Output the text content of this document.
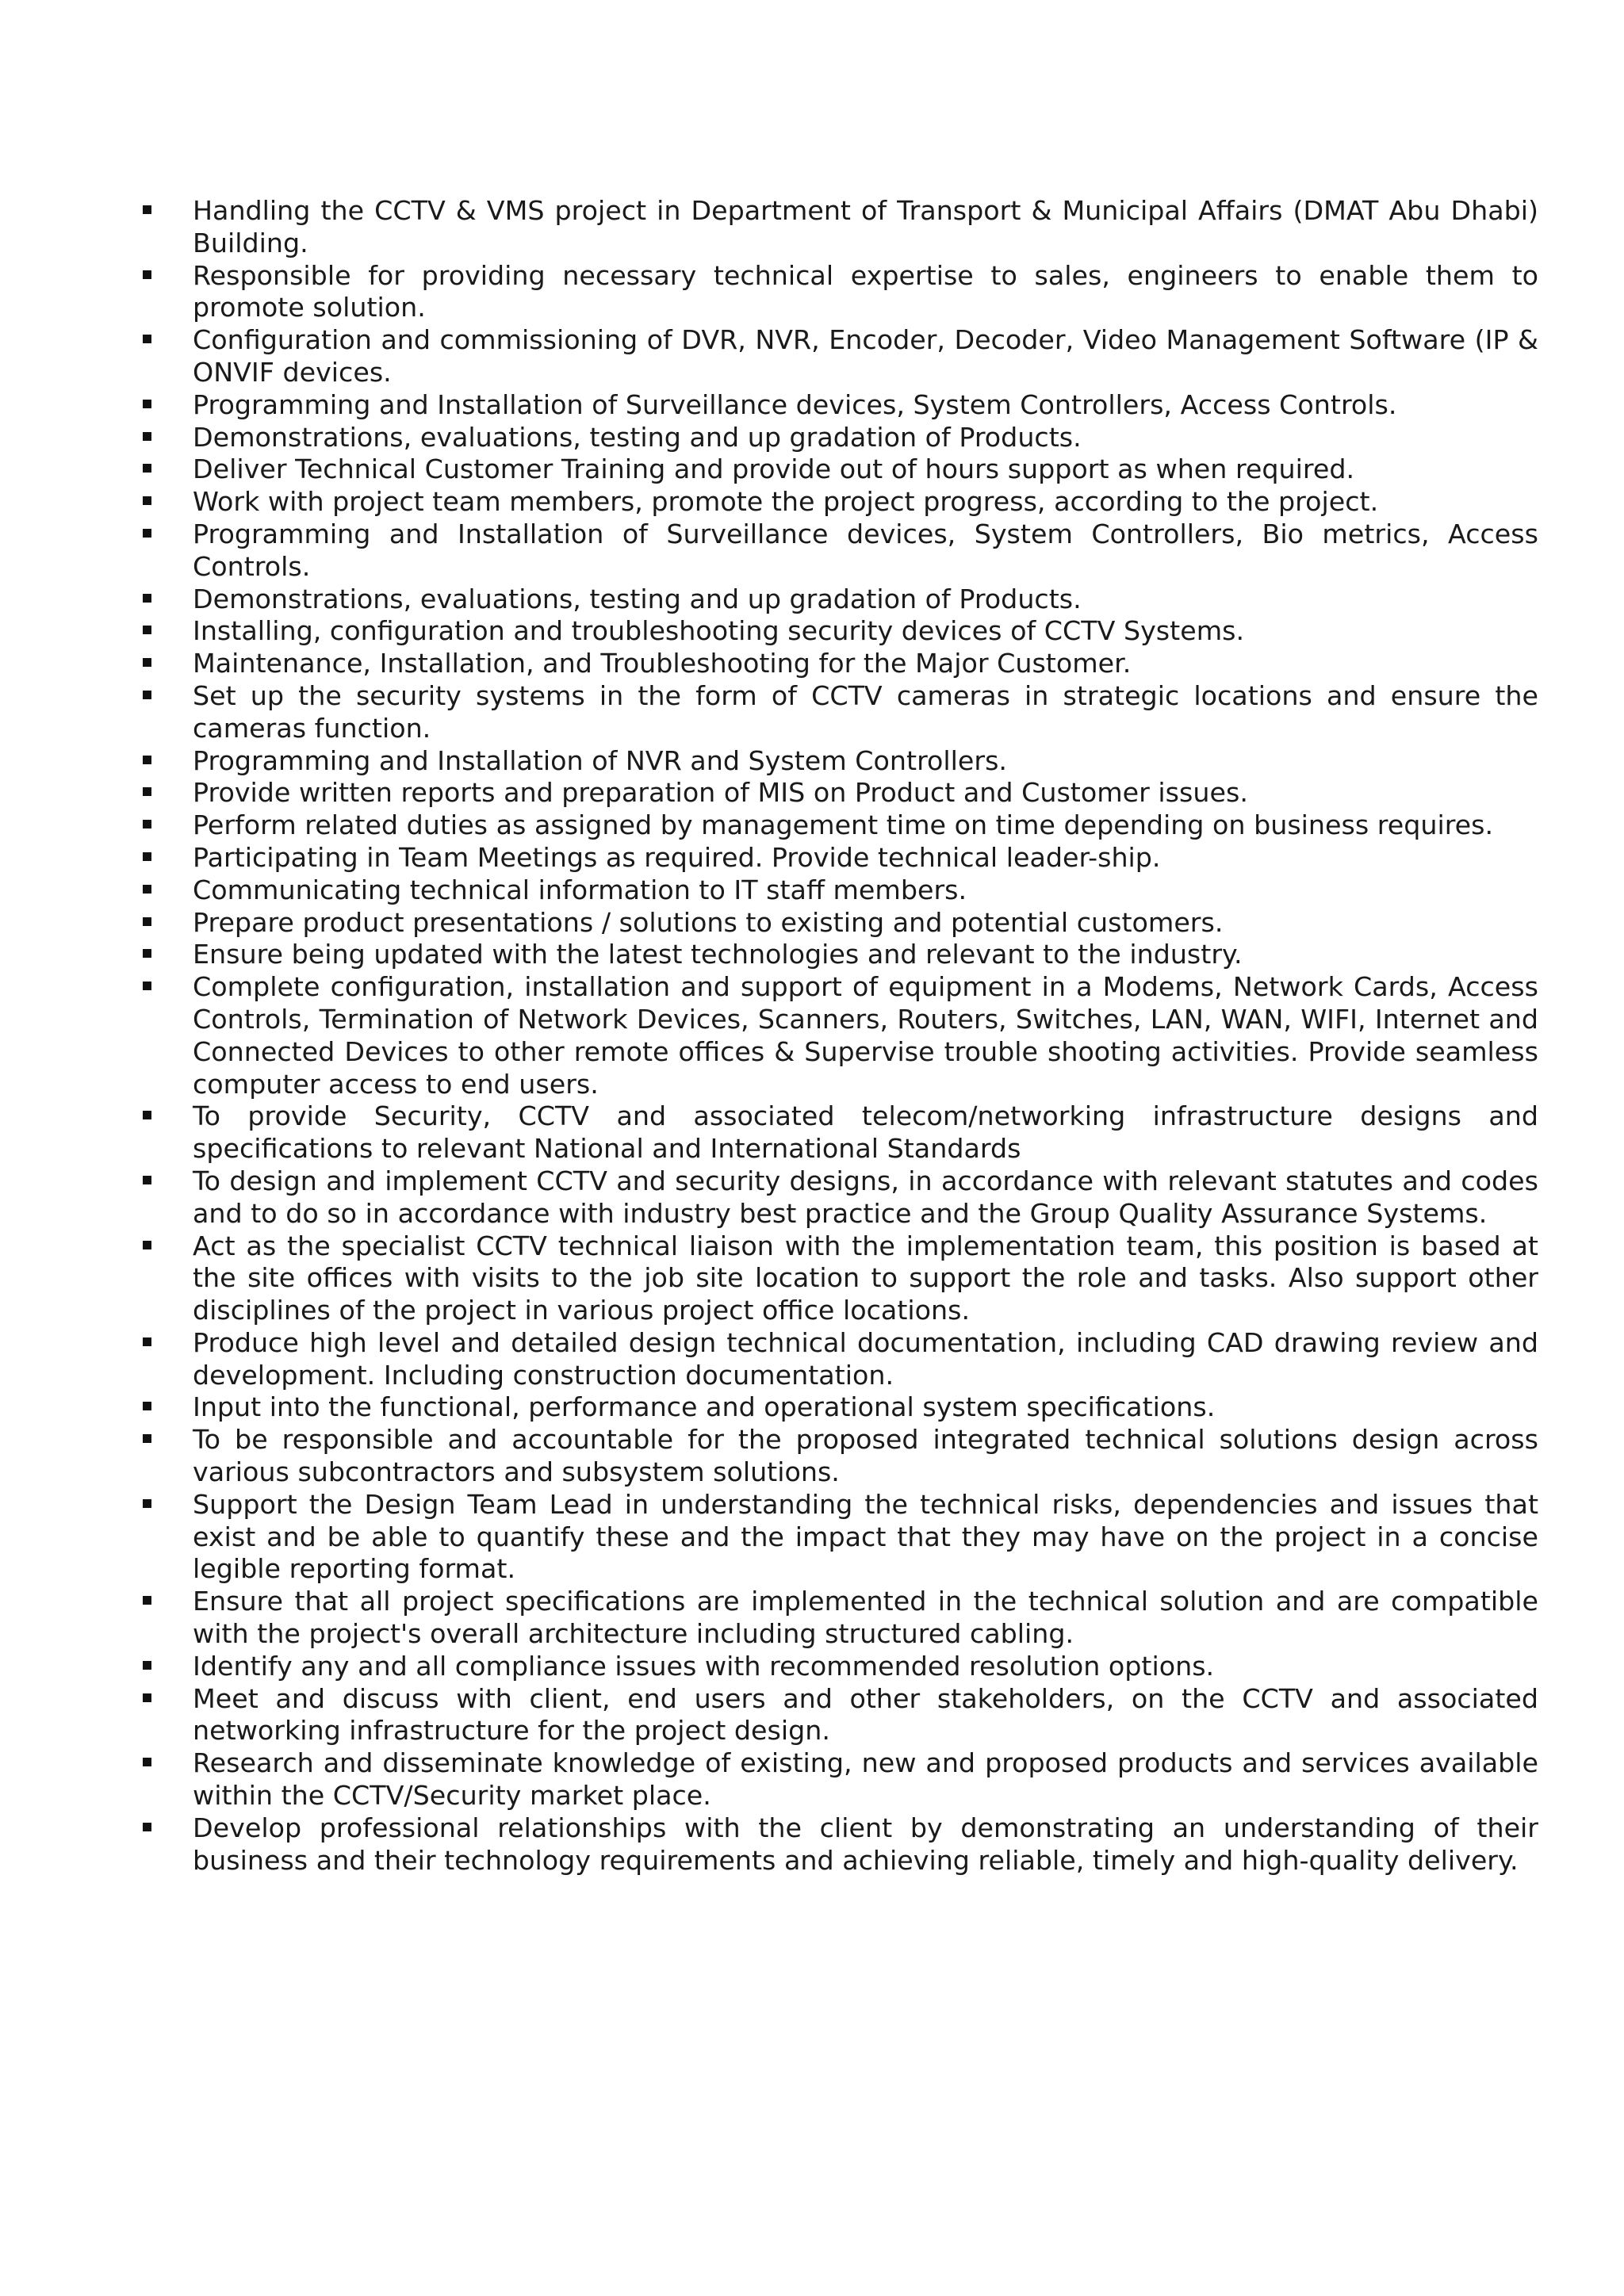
Handling the CCTV & VMS project in Department of Transport & Municipal Affairs (DMAT Abu Dhabi) Building.
Responsible for providing necessary technical expertise to sales, engineers to enable them to promote solution.
Configuration and commissioning of DVR, NVR, Encoder, Decoder, Video Management Software (IP & ONVIF devices.
Programming and Installation of Surveillance devices, System Controllers, Access Controls.
Demonstrations, evaluations, testing and up gradation of Products.
Deliver Technical Customer Training and provide out of hours support as when required.
Work with project team members, promote the project progress, according to the project.
Programming and Installation of Surveillance devices, System Controllers, Bio metrics, Access Controls.
Demonstrations, evaluations, testing and up gradation of Products.
Installing, configuration and troubleshooting security devices of CCTV Systems.
Maintenance, Installation, and Troubleshooting for the Major Customer.
Set up the security systems in the form of CCTV cameras in strategic locations and ensure the cameras function.
Programming and Installation of NVR and System Controllers.
Provide written reports and preparation of MIS on Product and Customer issues.
Perform related duties as assigned by management time on time depending on business requires.
Participating in Team Meetings as required. Provide technical leader-ship.
Communicating technical information to IT staff members.
Prepare product presentations / solutions to existing and potential customers.
Ensure being updated with the latest technologies and relevant to the industry.
Complete configuration, installation and support of equipment in a Modems, Network Cards, Access Controls, Termination of Network Devices, Scanners, Routers, Switches, LAN, WAN, WIFI, Internet and Connected Devices to other remote offices & Supervise trouble shooting activities. Provide seamless computer access to end users.
To provide Security, CCTV and associated telecom/networking infrastructure designs and specifications to relevant National and International Standards
To design and implement CCTV and security designs, in accordance with relevant statutes and codes and to do so in accordance with industry best practice and the Group Quality Assurance Systems.
Act as the specialist CCTV technical liaison with the implementation team, this position is based at the site offices with visits to the job site location to support the role and tasks. Also support other disciplines of the project in various project office locations.
Produce high level and detailed design technical documentation, including CAD drawing review and development. Including construction documentation.
Input into the functional, performance and operational system specifications.
To be responsible and accountable for the proposed integrated technical solutions design across various subcontractors and subsystem solutions.
Support the Design Team Lead in understanding the technical risks, dependencies and issues that exist and be able to quantify these and the impact that they may have on the project in a concise legible reporting format.
Ensure that all project specifications are implemented in the technical solution and are compatible with the project's overall architecture including structured cabling.
Identify any and all compliance issues with recommended resolution options.
Meet and discuss with client, end users and other stakeholders, on the CCTV and associated networking infrastructure for the project design.
Research and disseminate knowledge of existing, new and proposed products and services available within the CCTV/Security market place.
Develop professional relationships with the client by demonstrating an understanding of their business and their technology requirements and achieving reliable, timely and high-quality delivery.
